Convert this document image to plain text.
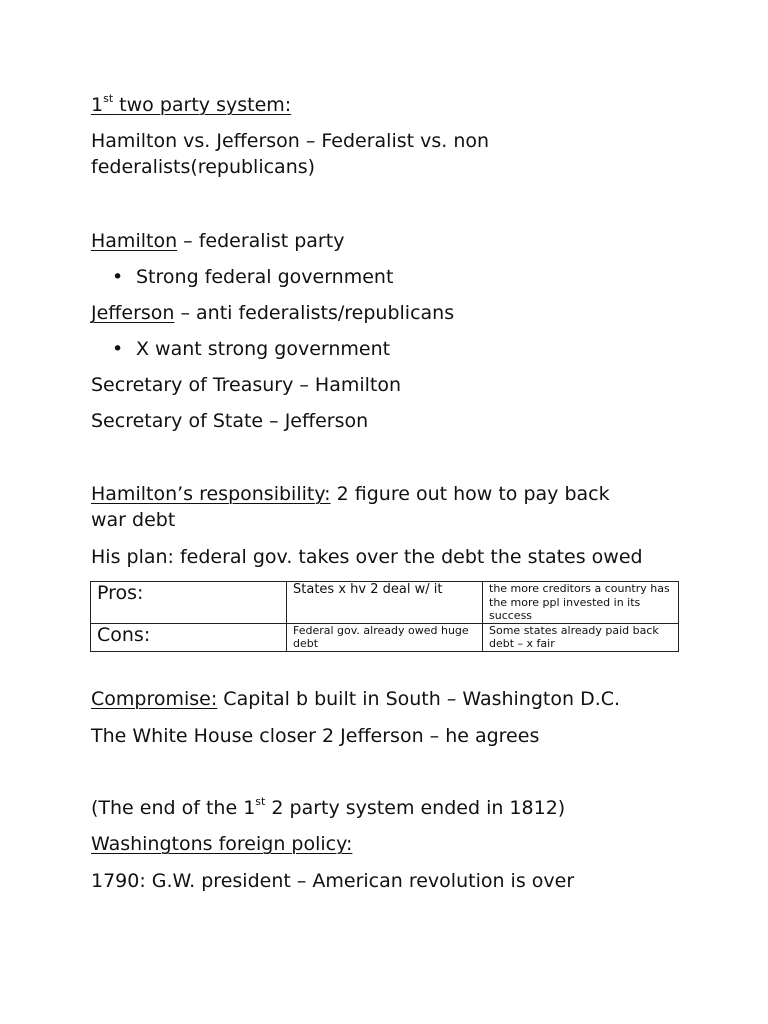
1st two party system:
Hamilton vs. Jefferson – Federalist vs. non
federalists(republicans)
Hamilton – federalist party
• Strong federal government
Jefferson – anti federalists/republicans
• X want strong government
Secretary of Treasury – Hamilton
Secretary of State – Jefferson
Hamilton’s responsibility: 2 figure out how to pay back
war debt
His plan: federal gov. takes over the debt the states owed
Pros:	States x hv 2 deal w/ it	the more creditors a country has the more ppl invested in its success
Cons:	Federal gov. already owed huge debt	Some states already paid back debt – x fair
Compromise: Capital b built in South – Washington D.C.
The White House closer 2 Jefferson – he agrees
(The end of the 1st 2 party system ended in 1812)
Washingtons foreign policy:
1790: G.W. president – American revolution is over
